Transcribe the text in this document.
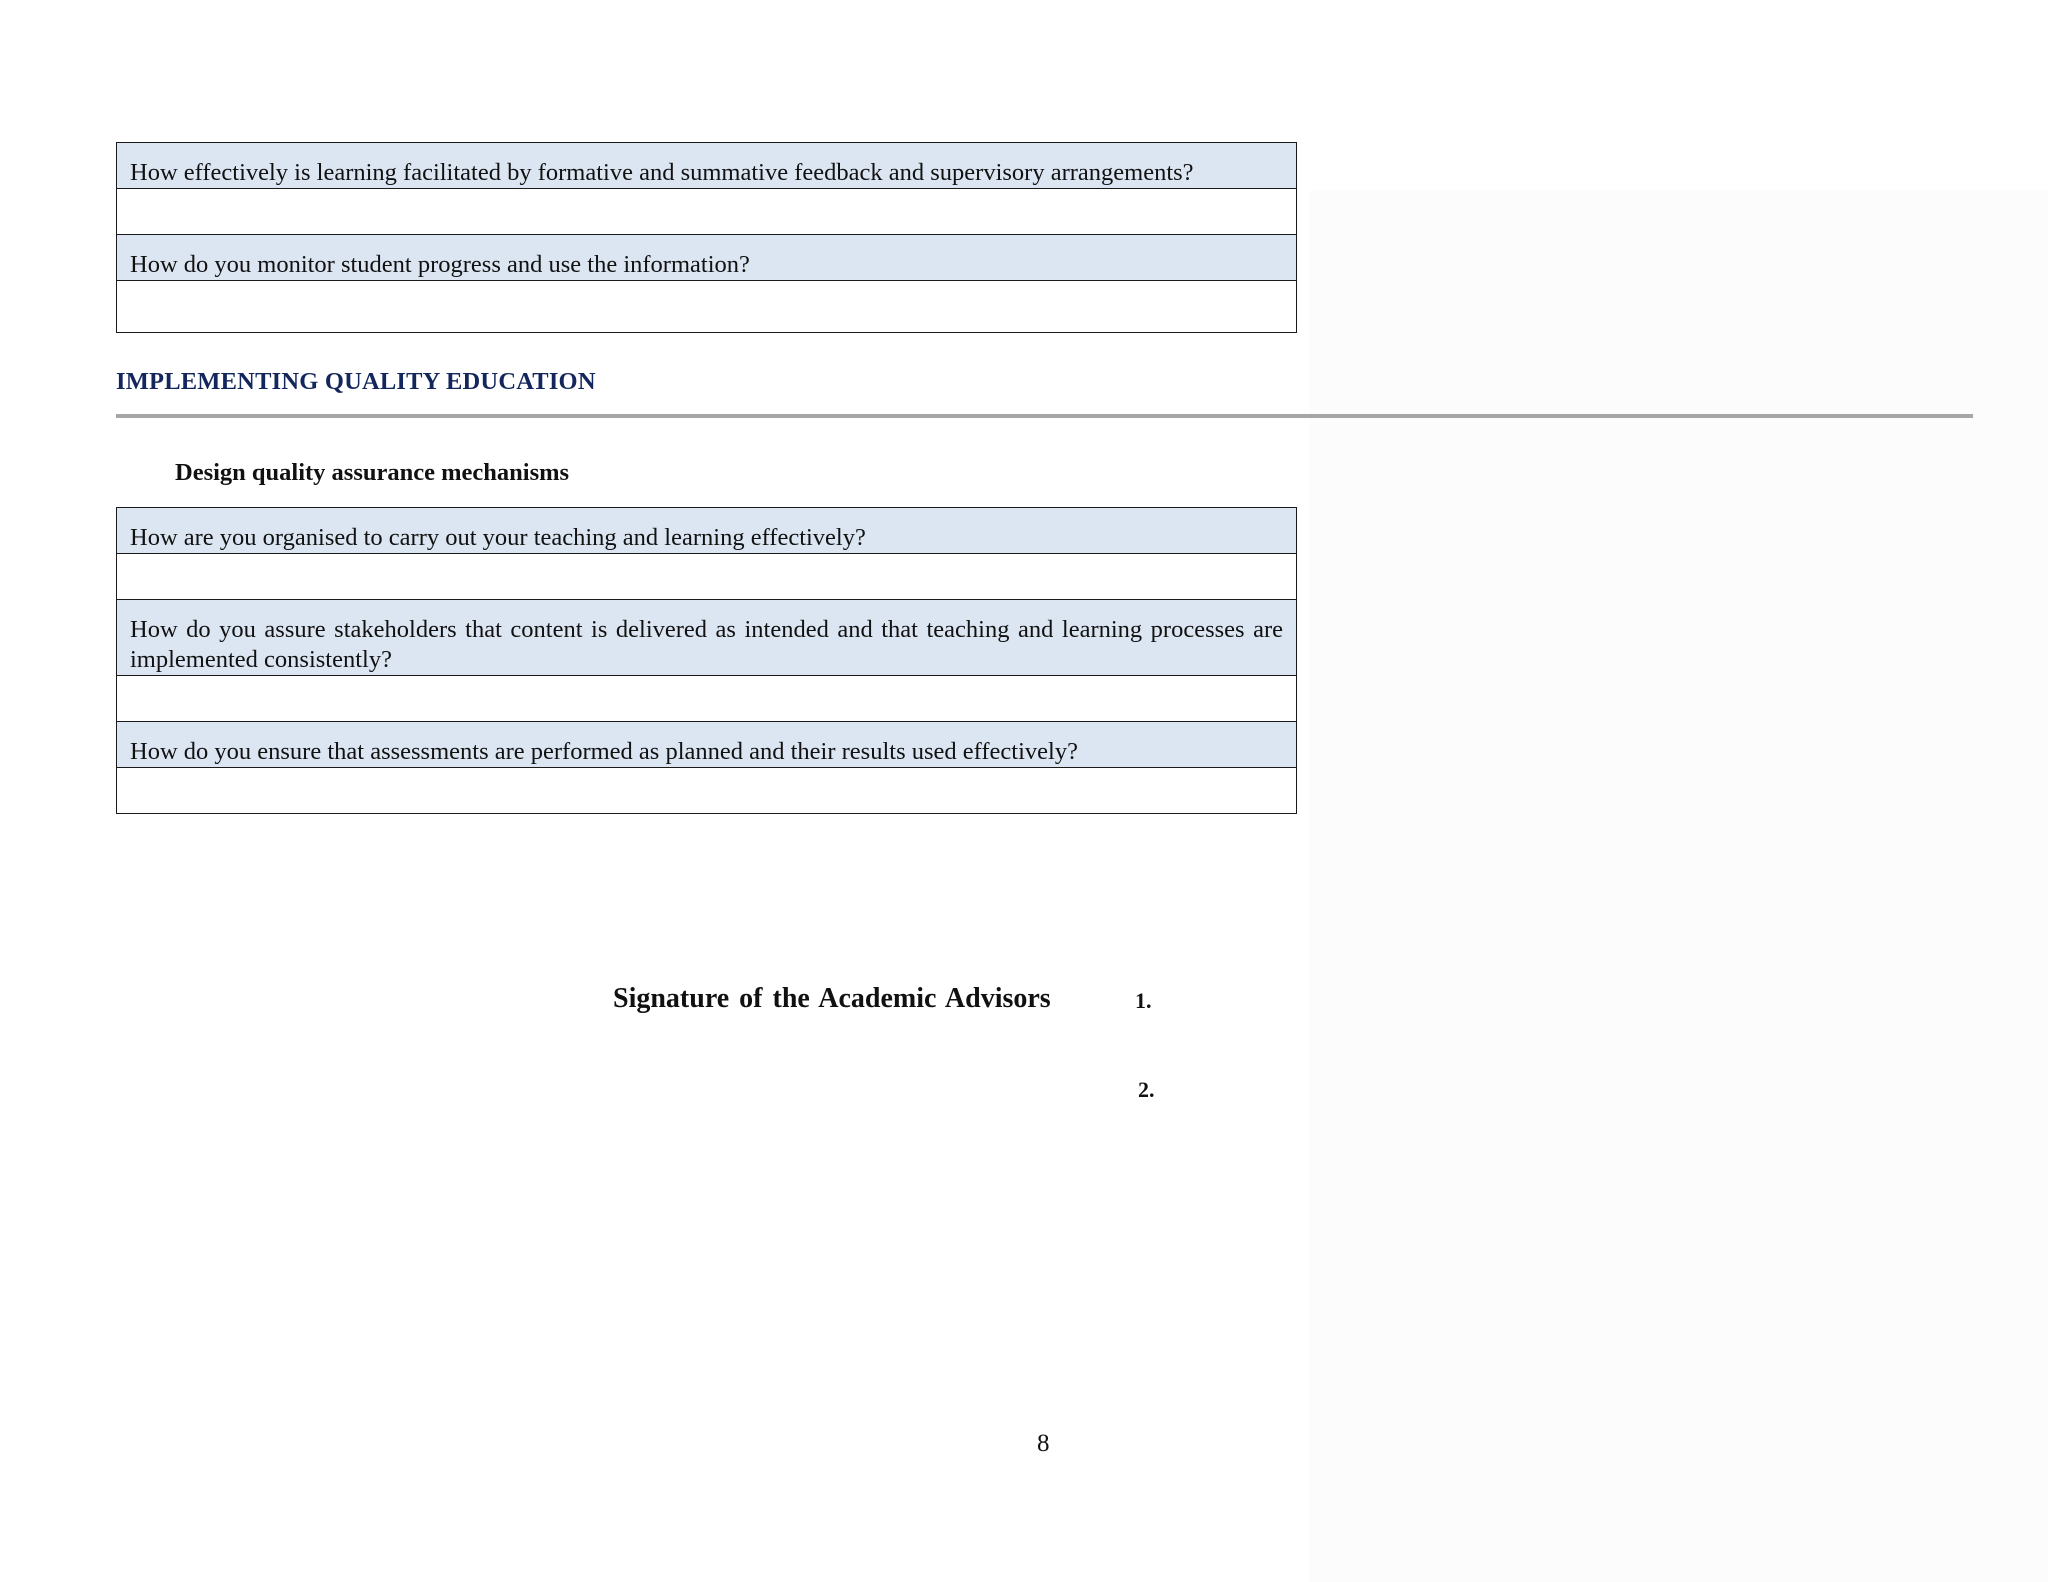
How effectively is learning facilitated by formative and summative feedback and supervisory arrangements?

How do you monitor student progress and use the information?

IMPLEMENTING QUALITY EDUCATION
Design quality assurance mechanisms
How are you organised to carry out your teaching and learning effectively?

How do you assure stakeholders that content is delivered as intended and that teaching and learning processes are implemented consistently?

How do you ensure that assessments are performed as planned and their results used effectively?

Signature of the Academic Advisors	1.
2.
8
